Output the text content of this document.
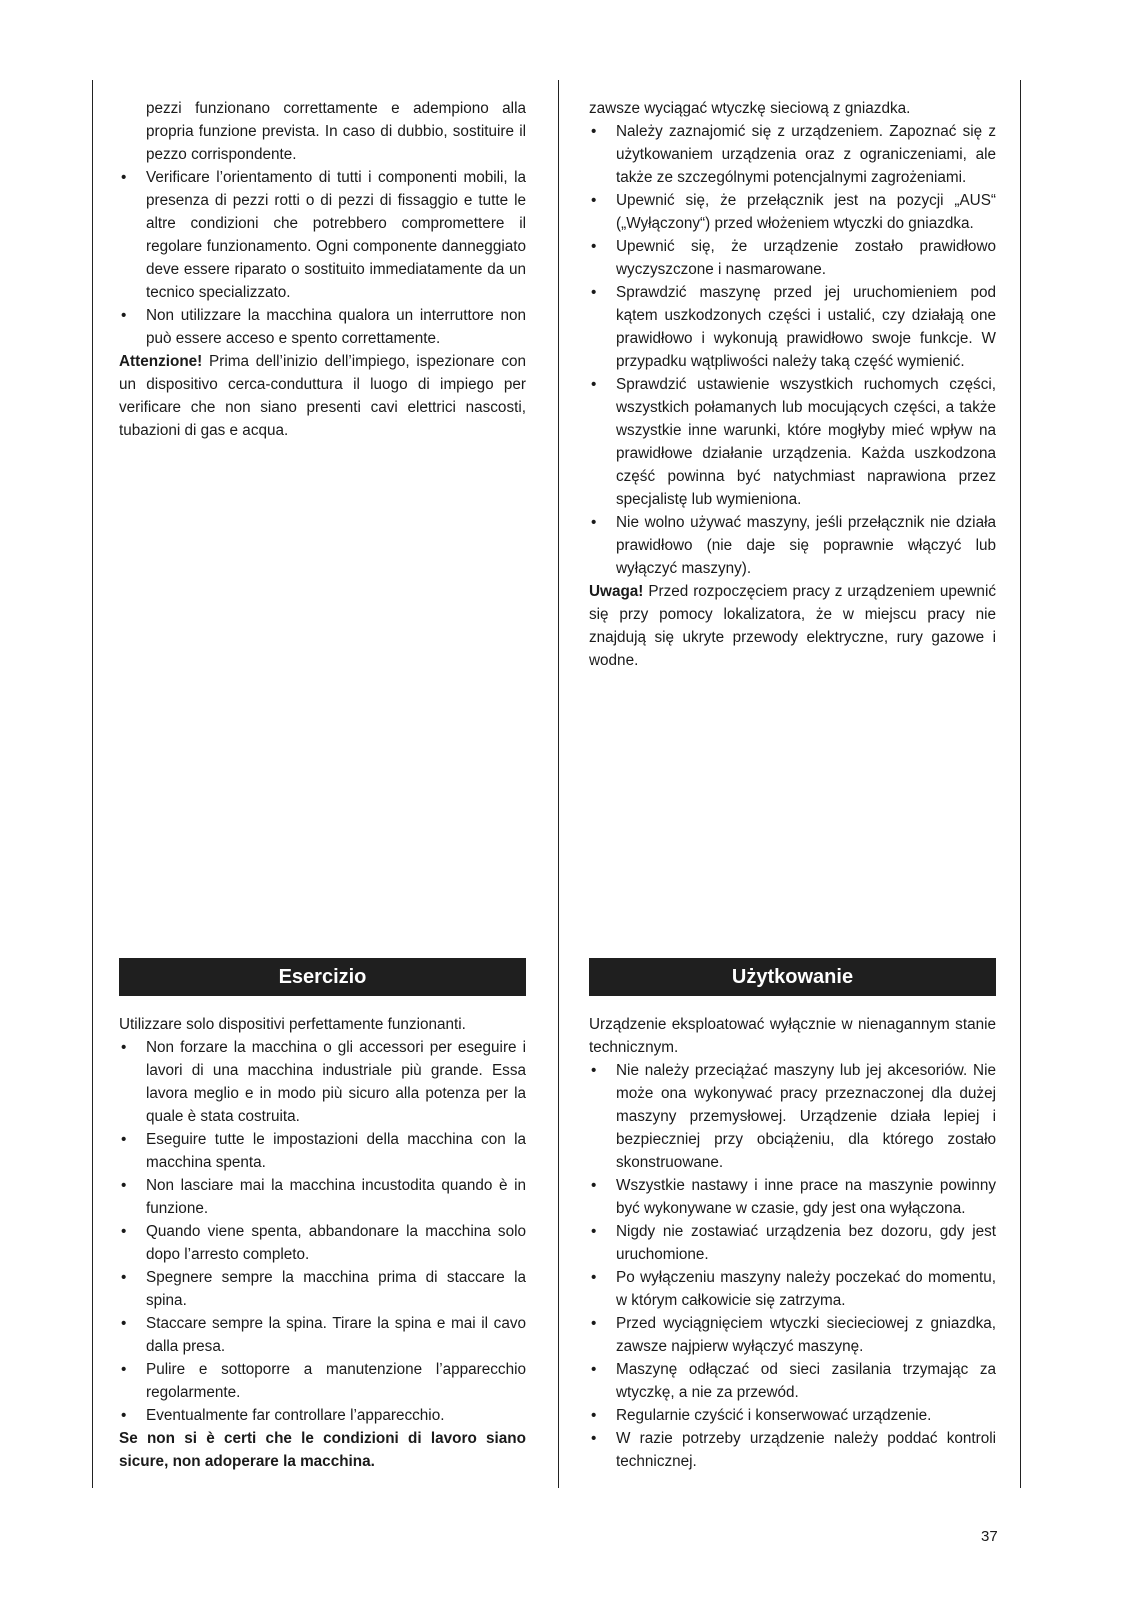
pezzi funzionano correttamente e adempiono alla propria funzione prevista. In caso di dubbio, sostituire il pezzo corrispondente.

• Verificare l’orientamento di tutti i componenti mobili, la presenza di pezzi rotti o di pezzi di fissaggio e tutte le altre condizioni che potrebbero compromettere il regolare funzionamento. Ogni componente danneggiato deve essere riparato o sostituito immediatamente da un tecnico specializzato.
• Non utilizzare la macchina qualora un interruttore non può essere acceso e spento correttamente.

Attenzione! Prima dell’inizio dell’impiego, ispezionare con un dispositivo cerca-conduttura il luogo di impiego per verificare che non siano presenti cavi elettrici nascosti, tubazioni di gas e acqua.

zawsze wyciągać wtyczkę sieciową z gniazdka.

• Należy zaznajomić się z urządzeniem. Zapoznać się z użytkowaniem urządzenia oraz z ograniczeniami, ale także ze szczególnymi potencjalnymi zagrożeniami.
• Upewnić się, że przełącznik jest na pozycji „AUS“ („Wyłączony“) przed włożeniem wtyczki do gniazdka.
• Upewnić się, że urządzenie zostało prawidłowo wyczyszczone i nasmarowane.
• Sprawdzić maszynę przed jej uruchomieniem pod kątem uszkodzonych części i ustalić, czy działają one prawidłowo i wykonują prawidłowo swoje funkcje. W przypadku wątpliwości należy taką część wymienić.
• Sprawdzić ustawienie wszystkich ruchomych części, wszystkich połamanych lub mocujących części, a także wszystkie inne warunki, które mogłyby mieć wpływ na prawidłowe działanie urządzenia. Każda uszkodzona część powinna być natychmiast naprawiona przez specjalistę lub wymieniona.
• Nie wolno używać maszyny, jeśli przełącznik nie działa prawidłowo (nie daje się poprawnie włączyć lub wyłączyć maszyny).

Uwaga! Przed rozpoczęciem pracy z urządzeniem upewnić się przy pomocy lokalizatora, że w miejscu pracy nie znajdują się ukryte przewody elektryczne, rury gazowe i wodne.

Esercizio	Użytkowanie

Utilizzare solo dispositivi perfettamente funzionanti.

• Non forzare la macchina o gli accessori per eseguire i lavori di una macchina industriale più grande. Essa lavora meglio e in modo più sicuro alla potenza per la quale è stata costruita.
• Eseguire tutte le impostazioni della macchina con la macchina spenta.
• Non lasciare mai la macchina incustodita quando è in funzione.
• Quando viene spenta, abbandonare la macchina solo dopo l’arresto completo.
• Spegnere sempre la macchina prima di staccare la spina.
• Staccare sempre la spina. Tirare la spina e mai il cavo dalla presa.
• Pulire e sottoporre a manutenzione l’apparecchio regolarmente.
• Eventualmente far controllare l’apparecchio.

Se non si è certi che le condizioni di lavoro siano sicure, non adoperare la macchina.

Urządzenie eksploatować wyłącznie w nienagannym stanie technicznym.

• Nie należy przeciążać maszyny lub jej akcesoriów. Nie może ona wykonywać pracy przeznaczonej dla dużej maszyny przemysłowej. Urządzenie działa lepiej i bezpieczniej przy obciążeniu, dla którego zostało skonstruowane.
• Wszystkie nastawy i inne prace na maszynie powinny być wykonywane w czasie, gdy jest ona wyłączona.
• Nigdy nie zostawiać urządzenia bez dozoru, gdy jest uruchomione.
• Po wyłączeniu maszyny należy poczekać do momentu, w którym całkowicie się zatrzyma.
• Przed wyciągnięciem wtyczki siecieciowej z gniazdka, zawsze najpierw wyłączyć maszynę.
• Maszynę odłączać od sieci zasilania trzymając za wtyczkę, a nie za przewód.
• Regularnie czyścić i konserwować urządzenie.
• W razie potrzeby urządzenie należy poddać kontroli technicznej.
37
